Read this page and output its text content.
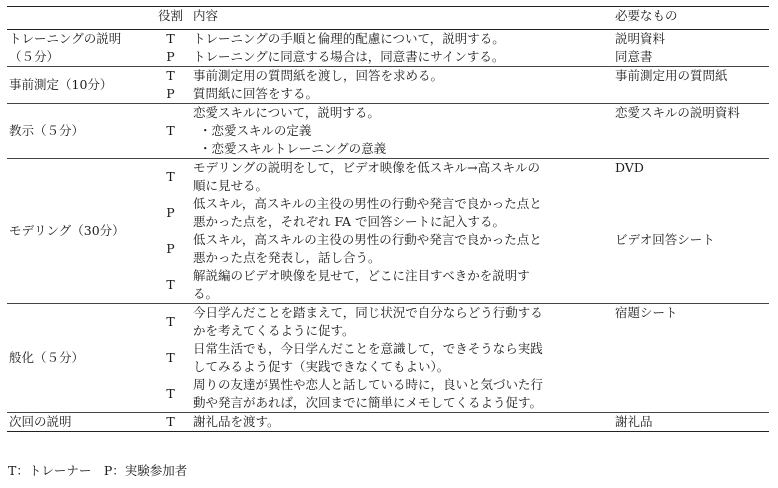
	役割	内容	必要なもの

トレーニングの説明
（５分）	T	トレーニングの手順と倫理的配慮について，説明する。	説明資料
	P	トレーニングに同意する場合は，同意書にサインする。	同意書

事前測定（10分）	T	事前測定用の質問紙を渡し，回答を求める。	事前測定用の質問紙
	P	質問紙に回答をする。	

教示（５分）	T	恋愛スキルについて，説明する。
・恋愛スキルの定義
・恋愛スキルトレーニングの意義	恋愛スキルの説明資料

モデリング（30分）	T	モデリングの説明をして，ビデオ映像を低スキル→高スキルの
順に見せる。	DVD
	P	低スキル，高スキルの主役の男性の行動や発言で良かった点と
悪かった点を，それぞれ FA で回答シートに記入する。	

	P	低スキル，高スキルの主役の男性の行動や発言で良かった点と
悪かった点を発表し，話し合う。	ビデオ回答シート
	T	解説編のビデオ映像を見せて，どこに注目すべきかを説明す
る。	

般化（５分）	T	今日学んだことを踏まえて，同じ状況で自分ならどう行動する
かを考えてくるように促す。	宿題シート
	T	日常生活でも，今日学んだことを意識して，できそうなら実践
してみるよう促す（実践できなくてもよい）。	

	T	周りの友達が異性や恋人と話している時に，良いと気づいた行
動や発言があれば，次回までに簡単にメモしてくるよう促す。	

次回の説明	T	謝礼品を渡す。	謝礼品
T：トレーナー　P：実験参加者
